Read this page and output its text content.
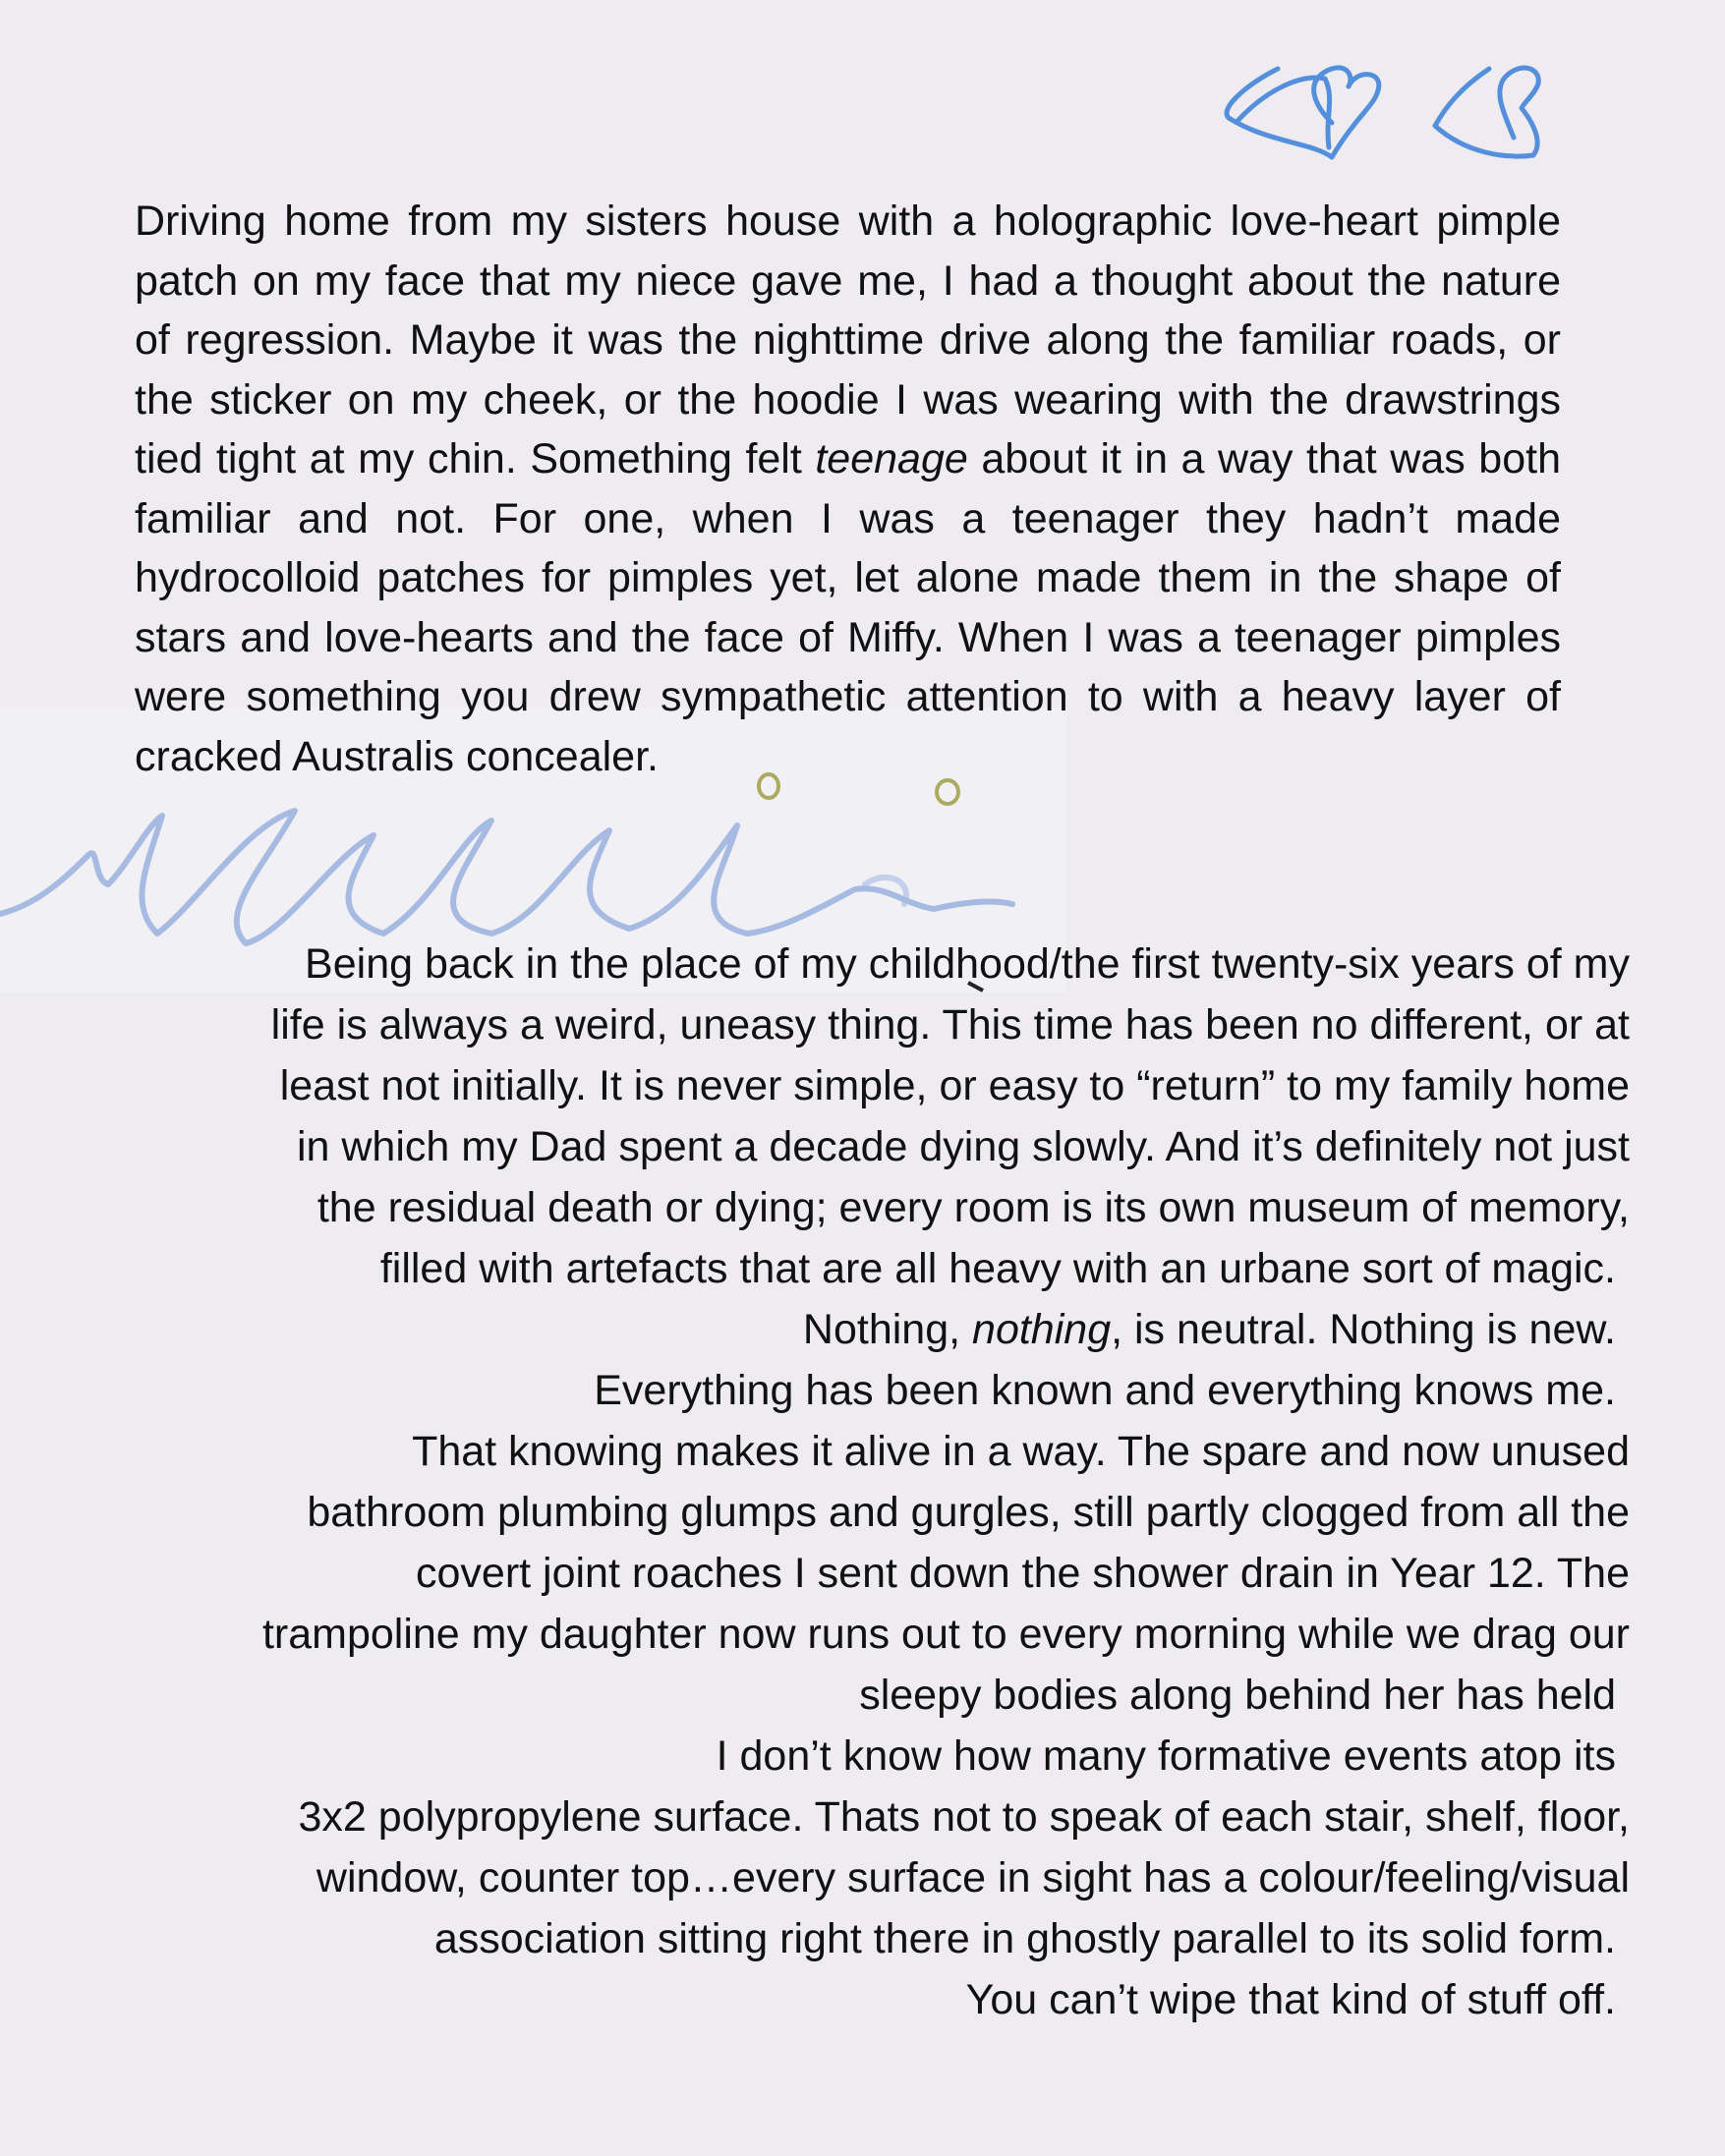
Driving home from my sisters house with a holographic love-heart pimple patch on my face that my niece gave me, I had a thought about the nature of regression. Maybe it was the nighttime drive along the familiar roads, or the sticker on my cheek, or the hoodie I was wearing with the drawstrings tied tight at my chin. Something felt teenage about it in a way that was both familiar and not. For one, when I was a teenager they hadn’t made hydrocolloid patches for pimples yet, let alone made them in the shape of stars and love-hearts and the face of Miffy. When I was a teenager pimples were something you drew sympathetic attention to with a heavy layer of cracked Australis concealer.
Being back in the place of my childhood/the first twenty-six years of my
life is always a weird, uneasy thing. This time has been no different, or at
least not initially. It is never simple, or easy to “return” to my family home
in which my Dad spent a decade dying slowly. And it’s definitely not just
the residual death or dying; every room is its own museum of memory,
filled with artefacts that are all heavy with an urbane sort of magic.
Nothing, nothing, is neutral. Nothing is new.
Everything has been known and everything knows me.
That knowing makes it alive in a way. The spare and now unused
bathroom plumbing glumps and gurgles, still partly clogged from all the
covert joint roaches I sent down the shower drain in Year 12. The
trampoline my daughter now runs out to every morning while we drag our
sleepy bodies along behind her has held
I don’t know how many formative events atop its
3x2 polypropylene surface. Thats not to speak of each stair, shelf, floor,
window, counter top…every surface in sight has a colour/feeling/visual
association sitting right there in ghostly parallel to its solid form.
You can’t wipe that kind of stuff off.
